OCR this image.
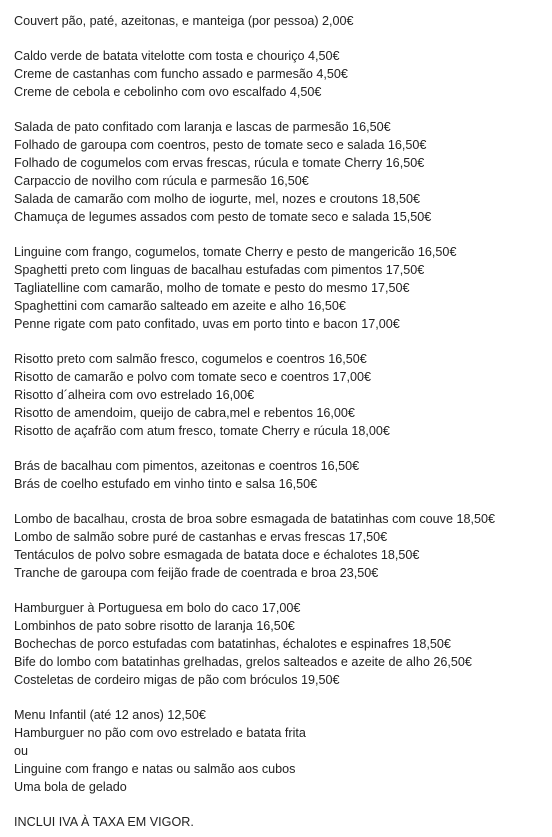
Couvert pão, paté, azeitonas, e manteiga (por pessoa) 2,00€
Caldo verde de batata vitelotte com tosta e chouriço 4,50€
Creme de castanhas com funcho assado e parmesão 4,50€
Creme de cebola e cebolinho com ovo escalfado 4,50€
Salada de pato confitado com laranja e lascas de parmesão 16,50€
Folhado de garoupa com coentros, pesto de tomate seco e salada 16,50€
Folhado de cogumelos com ervas frescas, rúcula e tomate Cherry 16,50€
Carpaccio de novilho com rúcula e parmesão 16,50€
Salada de camarão com molho de iogurte, mel, nozes e croutons 18,50€
Chamuça de legumes assados com pesto de tomate seco e salada 15,50€
Linguine com frango, cogumelos, tomate Cherry e pesto de mangericão 16,50€
Spaghetti preto com linguas de bacalhau estufadas com pimentos 17,50€
Tagliatelline com camarão, molho de tomate e pesto do mesmo 17,50€
Spaghettini com camarão salteado em azeite e alho 16,50€
Penne rigate com pato confitado, uvas em porto tinto e bacon 17,00€
Risotto preto com salmão fresco, cogumelos e coentros 16,50€
Risotto de camarão e polvo com tomate seco e coentros 17,00€
Risotto d´alheira com ovo estrelado 16,00€
Risotto de amendoim, queijo de cabra,mel e rebentos 16,00€
Risotto de açafrão com atum fresco, tomate Cherry e rúcula 18,00€
Brás de bacalhau com pimentos, azeitonas e coentros 16,50€
Brás de coelho estufado em vinho tinto e salsa 16,50€
Lombo de bacalhau, crosta de broa sobre esmagada de batatinhas com couve 18,50€
Lombo de salmão sobre puré de castanhas e ervas frescas 17,50€
Tentáculos de polvo sobre esmagada de batata doce e échalotes 18,50€
Tranche de garoupa com feijão frade de coentrada e broa 23,50€
Hamburguer à Portuguesa em bolo do caco 17,00€
Lombinhos de pato sobre risotto de laranja 16,50€
Bochechas de porco estufadas com batatinhas, échalotes e espinafres 18,50€
Bife do lombo com batatinhas grelhadas, grelos salteados e azeite de alho 26,50€
Costeletas de cordeiro migas de pão com bróculos 19,50€
Menu Infantil (até 12 anos) 12,50€
Hamburguer no pão com ovo estrelado e batata frita
ou
Linguine com frango e natas ou salmão aos cubos
Uma bola de gelado
INCLUI IVA À TAXA EM VIGOR.
